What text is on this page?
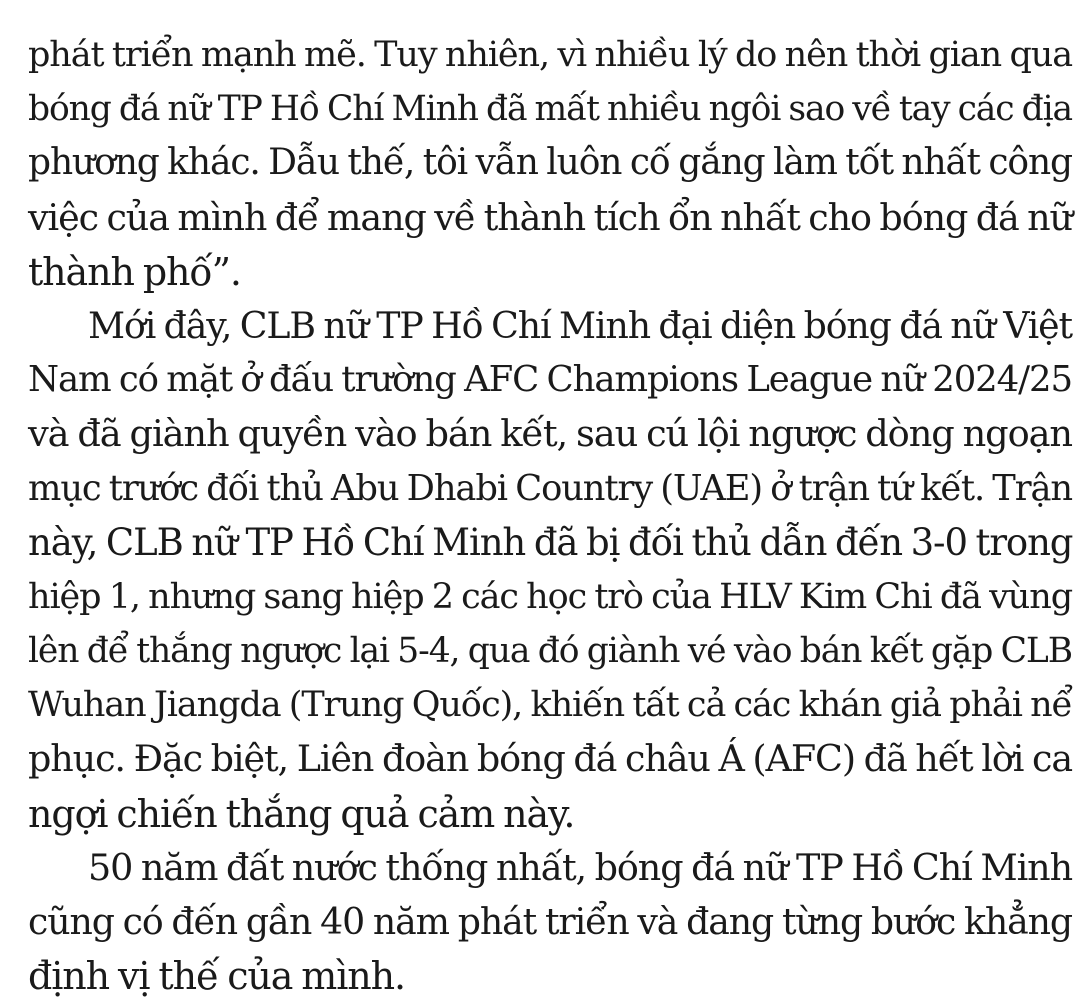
phát triển mạnh mẽ. Tuy nhiên, vì nhiều lý do nên thời gian qua
bóng đá nữ TP Hồ Chí Minh đã mất nhiều ngôi sao về tay các địa
phương khác. Dẫu thế, tôi vẫn luôn cố gắng làm tốt nhất công
việc của mình để mang về thành tích ổn nhất cho bóng đá nữ
thành phố”.
Mới đây, CLB nữ TP Hồ Chí Minh đại diện bóng đá nữ Việt
Nam có mặt ở đấu trường AFC Champions League nữ 2024/25
và đã giành quyền vào bán kết, sau cú lội ngược dòng ngoạn
mục trước đối thủ Abu Dhabi Country (UAE) ở trận tứ kết. Trận
này, CLB nữ TP Hồ Chí Minh đã bị đối thủ dẫn đến 3-0 trong
hiệp 1, nhưng sang hiệp 2 các học trò của HLV Kim Chi đã vùng
lên để thắng ngược lại 5-4, qua đó giành vé vào bán kết gặp CLB
Wuhan Jiangda (Trung Quốc), khiến tất cả các khán giả phải nể
phục. Đặc biệt, Liên đoàn bóng đá châu Á (AFC) đã hết lời ca
ngợi chiến thắng quả cảm này.
50 năm đất nước thống nhất, bóng đá nữ TP Hồ Chí Minh
cũng có đến gần 40 năm phát triển và đang từng bước khẳng
định vị thế của mình.
